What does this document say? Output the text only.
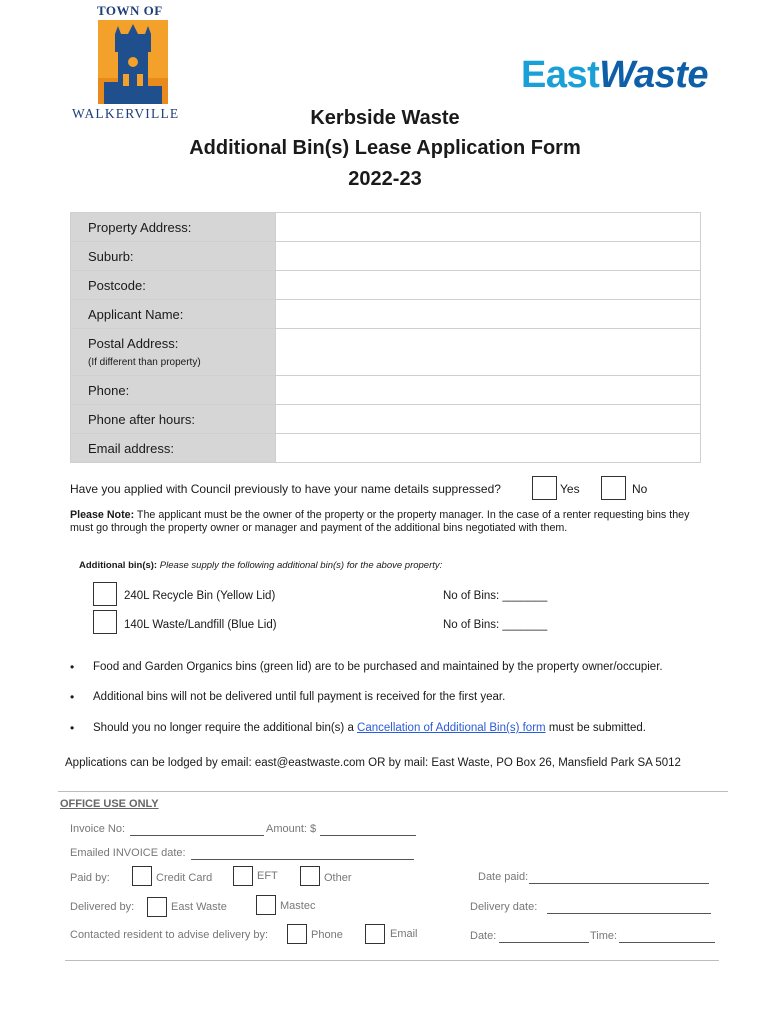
TOWN OF
WALKERVILLE
EastWaste
Kerbside Waste
Additional Bin(s) Lease Application Form
2022-23
Property Address:	
Suburb:	
Postcode:	
Applicant Name:	
Postal Address:
(If different than property)	

Phone:	
Phone after hours:	
Email address:	
Have you applied with Council previously to have your name details suppressed?	Yes	No
Please Note: The applicant must be the owner of the property or the property manager. In the case of a renter requesting bins they must go through the property owner or manager and payment of the additional bins negotiated with them.
Additional bin(s): Please supply the following additional bin(s) for the above property:
240L Recycle Bin (Yellow Lid)	No of Bins: _______
140L Waste/Landfill (Blue Lid)	No of Bins: _______
• Food and Garden Organics bins (green lid) are to be purchased and maintained by the property owner/occupier.
• Additional bins will not be delivered until full payment is received for the first year.
• Should you no longer require the additional bin(s) a Cancellation of Additional Bin(s) form must be submitted.
Applications can be lodged by email: east@eastwaste.com OR by mail: East Waste, PO Box 26, Mansfield Park SA 5012
OFFICE USE ONLY
Invoice No:	Amount: $
Emailed INVOICE date:
Paid by:	Credit Card	EFT	Other	Date paid:
Delivered by:	East Waste	Mastec	Delivery date:
Contacted resident to advise delivery by:	Phone	Email	Date:	Time:
